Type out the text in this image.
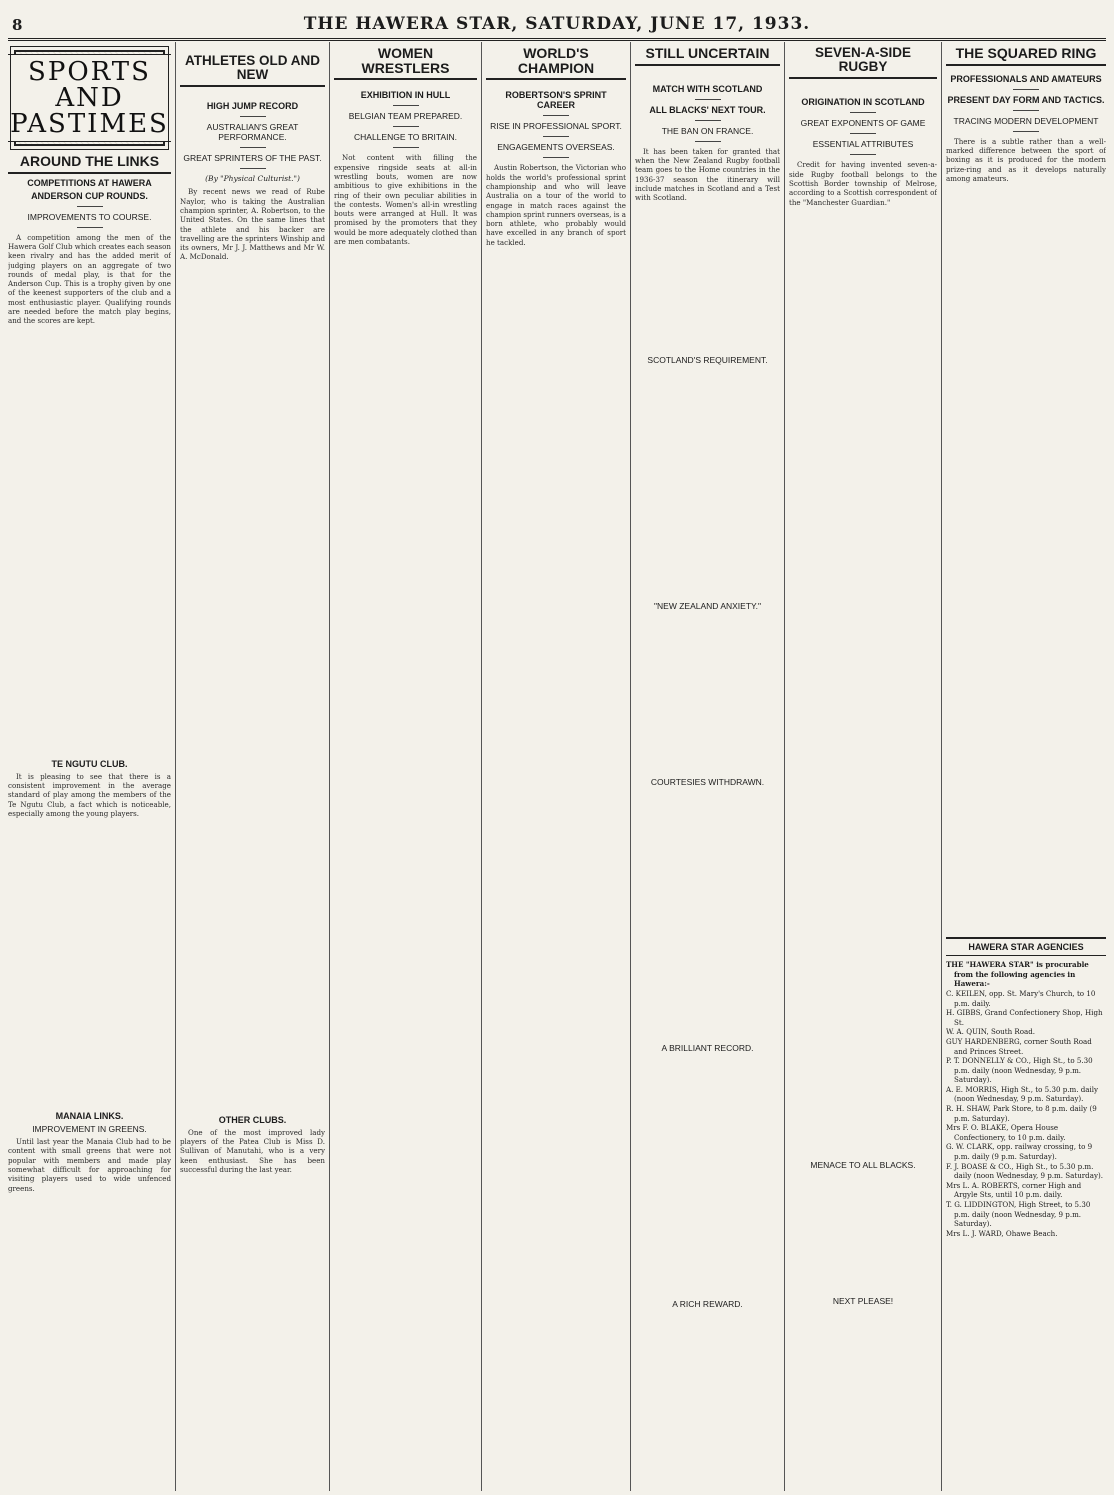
8	THE HAWERA STAR, SATURDAY, JUNE 17, 1933.
SPORTS AND PASTIMES
AROUND THE LINKS
COMPETITIONS AT HAWERA
ANDERSON CUP ROUNDS.
IMPROVEMENTS TO COURSE.

A competition among the men of the Hawera Golf Club which creates each season keen rivalry and has the added merit of judging players on an aggregate of two rounds of medal play, is that for the Anderson Cup. This is a trophy given by one of the keenest supporters of the club and a most enthusiastic player. Qualifying rounds are needed before the match play begins, and the scores are kept.

TE NGUTU CLUB.

It is pleasing to see that there is a consistent improvement in the average standard of play among the members of the Te Ngutu Club, a fact which is noticeable, especially among the young players.

MANAIA LINKS.
IMPROVEMENT IN GREENS.

Until last year the Manaia Club had to be content with small greens that were not popular with members and made play somewhat difficult for approaching for visiting players used to wide unfenced greens.

ATHLETES OLD AND NEW
HIGH JUMP RECORD
AUSTRALIAN'S GREAT PERFORMANCE.
GREAT SPRINTERS OF THE PAST.
(By "Physical Culturist.")

By recent news we read of Rube Naylor, who is taking the Australian champion sprinter, A. Robertson, to the United States. On the same lines that the athlete and his backer are travelling are the sprinters Winship and its owners, Mr J. J. Matthews and Mr W. A. McDonald.

OTHER CLUBS.

One of the most improved lady players of the Patea Club is Miss D. Sullivan of Manutahi, who is a very keen enthusiast. She has been successful during the last year.

WOMEN WRESTLERS
EXHIBITION IN HULL
BELGIAN TEAM PREPARED.
CHALLENGE TO BRITAIN.

Not content with filling the expensive ringside seats at all-in wrestling bouts, women are now ambitious to give exhibitions in the ring of their own peculiar abilities in the contests. Women's all-in wrestling bouts were arranged at Hull. It was promised by the promoters that they would be more adequately clothed than are men combatants.

WORLD'S CHAMPION
ROBERTSON'S SPRINT CAREER
RISE IN PROFESSIONAL SPORT.
ENGAGEMENTS OVERSEAS.

Austin Robertson, the Victorian who holds the world's professional sprint championship and who will leave Australia on a tour of the world to engage in match races against the champion sprint runners overseas, is a born athlete, who probably would have excelled in any branch of sport he tackled.

STILL UNCERTAIN
MATCH WITH SCOTLAND
ALL BLACKS' NEXT TOUR.
THE BAN ON FRANCE.

It has been taken for granted that when the New Zealand Rugby football team goes to the Home countries in the 1936-37 season the itinerary will include matches in Scotland and a Test with Scotland.

SCOTLAND'S REQUIREMENT.
"NEW ZEALAND ANXIETY."
COURTESIES WITHDRAWN.
A BRILLIANT RECORD.
A RICH REWARD.
SEVEN-A-SIDE RUGBY
ORIGINATION IN SCOTLAND
GREAT EXPONENTS OF GAME
ESSENTIAL ATTRIBUTES

Credit for having invented seven-a-side Rugby football belongs to the Scottish Border township of Melrose, according to a Scottish correspondent of the "Manchester Guardian."

MENACE TO ALL BLACKS.
NEXT PLEASE!
THE SQUARED RING
PROFESSIONALS AND AMATEURS
PRESENT DAY FORM AND TACTICS.
TRACING MODERN DEVELOPMENT

There is a subtle rather than a well-marked difference between the sport of boxing as it is produced for the modern prize-ring and as it develops naturally among amateurs.

HAWERA STAR AGENCIES

THE "HAWERA STAR" is procurable from the following agencies in Hawera:-

C. KEILEN, opp. St. Mary's Church, to 10 p.m. daily.

H. GIBBS, Grand Confectionery Shop, High St.

W. A. QUIN, South Road.

GUY HARDENBERG, corner South Road and Princes Street.

P. T. DONNELLY & CO., High St., to 5.30 p.m. daily (noon Wednesday, 9 p.m. Saturday).

A. E. MORRIS, High St., to 5.30 p.m. daily (noon Wednesday, 9 p.m. Saturday).

R. H. SHAW, Park Store, to 8 p.m. daily (9 p.m. Saturday).

Mrs F. O. BLAKE, Opera House Confectionery, to 10 p.m. daily.

G. W. CLARK, opp. railway crossing, to 9 p.m. daily (9 p.m. Saturday).

F. J. BOASE & CO., High St., to 5.30 p.m. daily (noon Wednesday, 9 p.m. Saturday).

Mrs L. A. ROBERTS, corner High and Argyle Sts, until 10 p.m. daily.

T. G. LIDDINGTON, High Street, to 5.30 p.m. daily (noon Wednesday, 9 p.m. Saturday).

Mrs L. J. WARD, Ohawe Beach.
